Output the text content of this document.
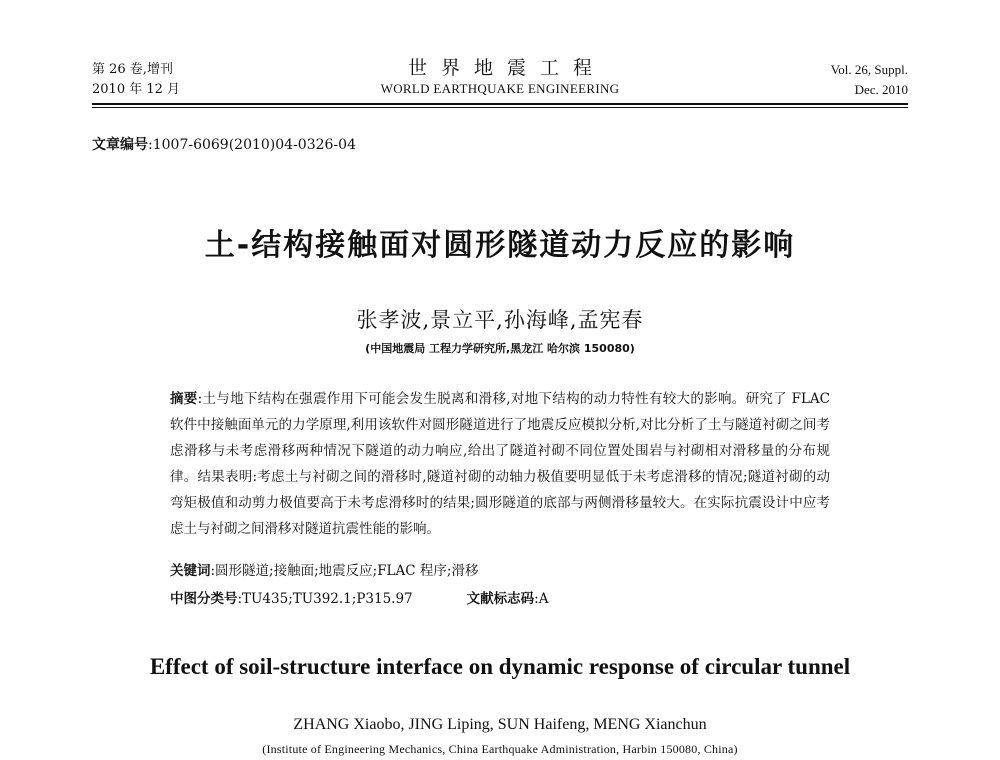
第 26 卷,增刊
2010 年 12 月
世界地震工程
WORLD EARTHQUAKE ENGINEERING
Vol. 26, Suppl.
Dec. 2010
文章编号:1007-6069(2010)04-0326-04
土-结构接触面对圆形隧道动力反应的影响
张孝波,景立平,孙海峰,孟宪春
(中国地震局 工程力学研究所,黑龙江 哈尔滨 150080)

摘要:土与地下结构在强震作用下可能会发生脱离和滑移,对地下结构的动力特性有较大的影响。研究了 FLAC 软件中接触面单元的力学原理,利用该软件对圆形隧道进行了地震反应模拟分析,对比分析了土与隧道衬砌之间考虑滑移与未考虑滑移两种情况下隧道的动力响应,给出了隧道衬砌不同位置处围岩与衬砌相对滑移量的分布规律。结果表明:考虑土与衬砌之间的滑移时,隧道衬砌的动轴力极值要明显低于未考虑滑移的情况;隧道衬砌的动弯矩极值和动剪力极值要高于未考虑滑移时的结果;圆形隧道的底部与两侧滑移量较大。在实际抗震设计中应考虑土与衬砌之间滑移对隧道抗震性能的影响。

关键词:圆形隧道;接触面;地震反应;FLAC 程序;滑移
中图分类号:TU435;TU392.1;P315.97	文献标志码:A
Effect of soil-structure interface on dynamic response of circular tunnel
ZHANG Xiaobo, JING Liping, SUN Haifeng, MENG Xianchun
(Institute of Engineering Mechanics, China Earthquake Administration, Harbin 150080, China)
